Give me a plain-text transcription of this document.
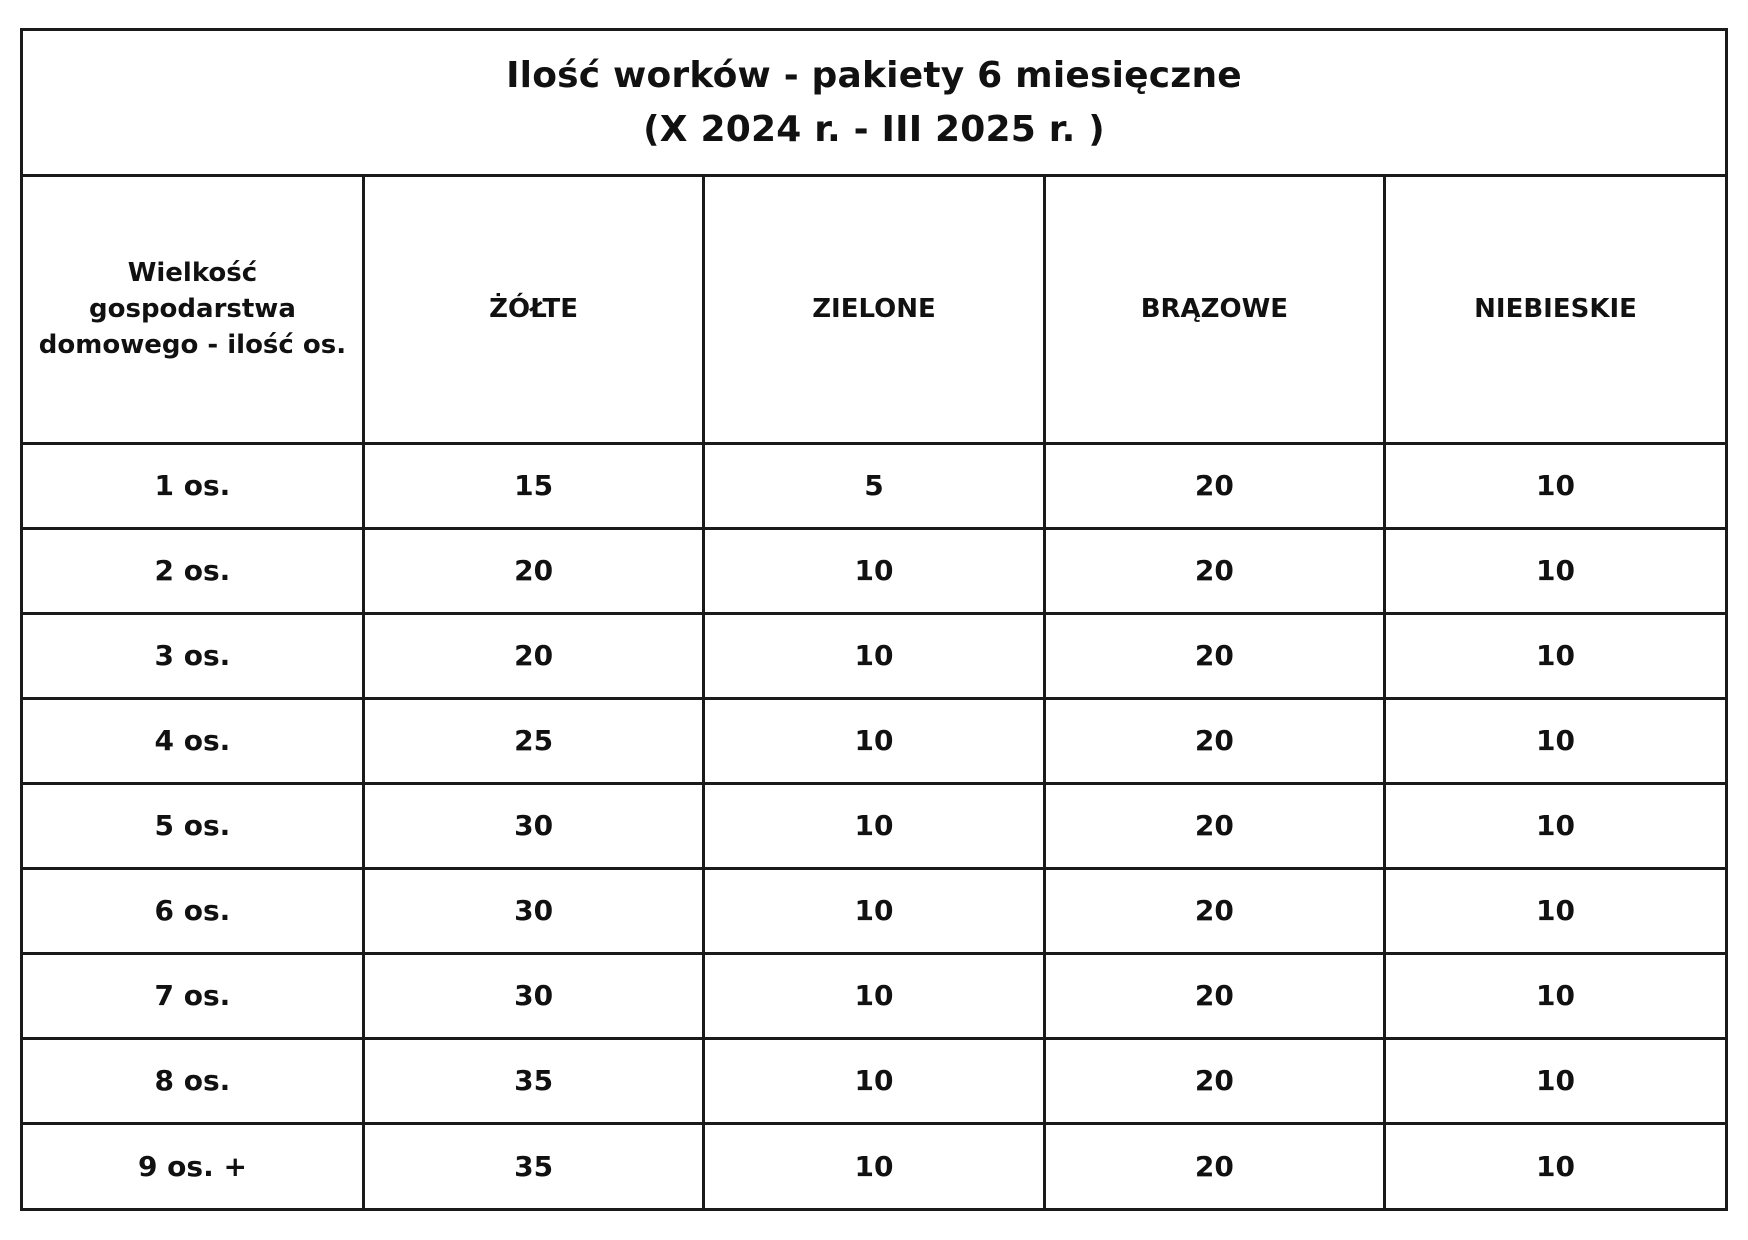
Ilość worków - pakiety 6 miesięczne
(X 2024 r. - III 2025 r. )
Wielkość gospodarstwa
domowego - ilość os.	ŻÓŁTE	ZIELONE	BRĄZOWE	NIEBIESKIE
1 os.	15	5	20	10
2 os.	20	10	20	10
3 os.	20	10	20	10
4 os.	25	10	20	10
5 os.	30	10	20	10
6 os.	30	10	20	10
7 os.	30	10	20	10
8 os.	35	10	20	10
9 os. +	35	10	20	10
